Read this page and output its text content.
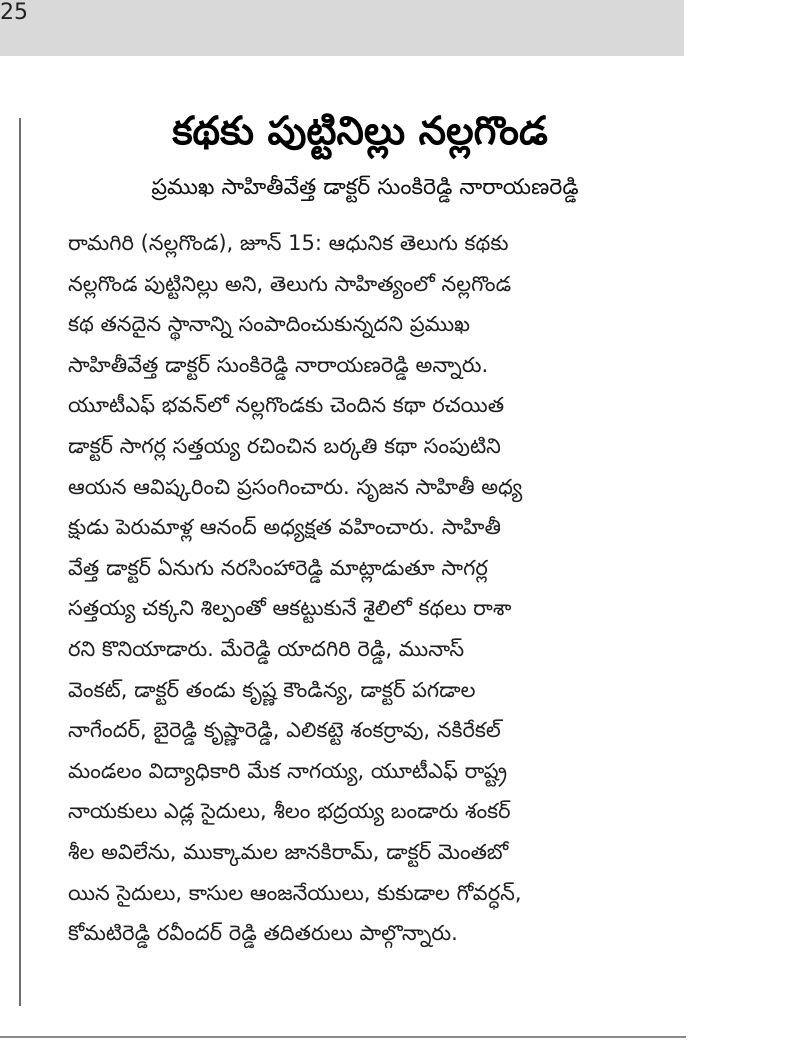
25
కథకు పుట్టినిల్లు నల్లగొండ
ప్రముఖ సాహితీవేత్త డాక్టర్ సుంకిరెడ్డి నారాయణరెడ్డి
రామగిరి (నల్లగొండ), జూన్ 15: ఆధునిక తెలుగు కథకు
నల్లగొండ పుట్టినిల్లు అని, తెలుగు సాహిత్యంలో నల్లగొండ
కథ తనదైన స్థానాన్ని సంపాదించుకున్నదని ప్రముఖ
సాహితీవేత్త డాక్టర్ సుంకిరెడ్డి నారాయణరెడ్డి అన్నారు.
యూటీఎఫ్ భవన్‌లో నల్లగొండకు చెందిన కథా రచయిత
డాక్టర్ సాగర్ల సత్తయ్య రచించిన బర్కతి కథా సంపుటిని
ఆయన ఆవిష్కరించి ప్రసంగించారు. సృజన సాహితీ అధ్య
క్షుడు పెరుమాళ్ల ఆనంద్ అధ్యక్షత వహించారు. సాహితీ
వేత్త డాక్టర్ ఏనుగు నరసింహారెడ్డి మాట్లాడుతూ సాగర్ల
సత్తయ్య చక్కని శిల్పంతో ఆకట్టుకునే శైలిలో కథలు రాశా
రని కొనియాడారు. మేరెడ్డి యాదగిరి రెడ్డి, మునాస్
వెంకట్, డాక్టర్ తండు కృష్ణ కౌండిన్య, డాక్టర్ పగడాల
నాగేందర్, బైరెడ్డి కృష్ణారెడ్డి, ఎలికట్టె శంకర్రావు, నకిరేకల్
మండలం విద్యాధికారి మేక నాగయ్య, యూటీఎఫ్ రాష్ట్ర
నాయకులు ఎడ్ల సైదులు, శీలం భద్రయ్య బండారు శంకర్
శీల అవిలేను, ముక్కామల జానకిరామ్, డాక్టర్ మెంతబో
యిన సైదులు, కాసుల ఆంజనేయులు, కుకుడాల గోవర్ధన్,
కోమటిరెడ్డి రవీందర్ రెడ్డి తదితరులు పాల్గొన్నారు.
